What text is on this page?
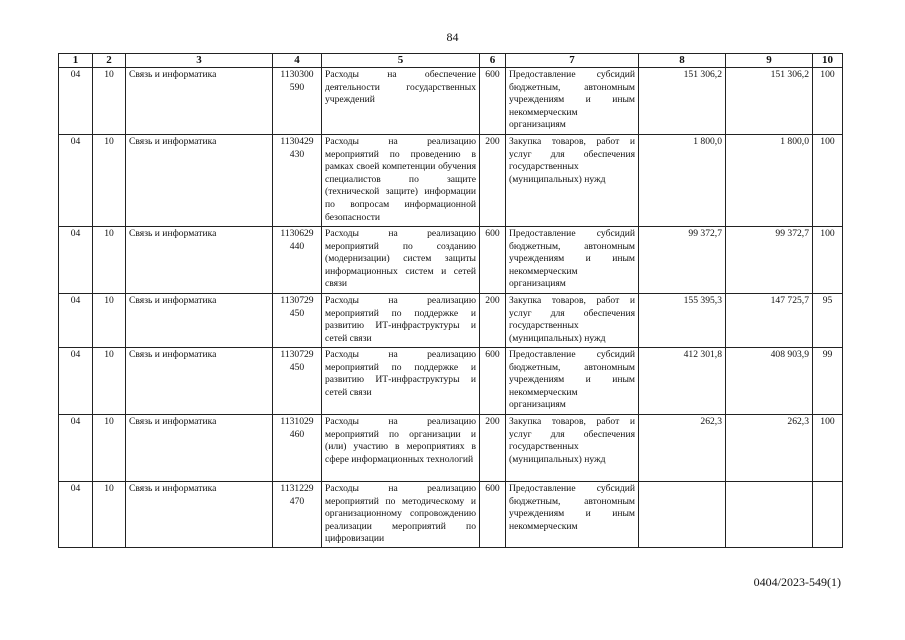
84
1	2	3	4	5	6	7	8	9	10
04	10	Связь и информатика	1130300 590	Расходы на обеспечение деятельности государственных учреждений	600	Предоставление субсидий бюджетным, автономным учреждениям и иным некоммерческим организациям	151 306,2	151 306,2	100
04	10	Связь и информатика	1130429 430	Расходы на реализацию мероприятий по проведению в рамках своей компетенции обучения специалистов по защите (технической защите) информации по вопросам информационной безопасности	200	Закупка товаров, работ и услуг для обеспечения государственных (муниципальных) нужд	1 800,0	1 800,0	100
04	10	Связь и информатика	1130629 440	Расходы на реализацию мероприятий по созданию (модернизации) систем защиты информационных систем и сетей связи	600	Предоставление субсидий бюджетным, автономным учреждениям и иным некоммерческим организациям	99 372,7	99 372,7	100
04	10	Связь и информатика	1130729 450	Расходы на реализацию мероприятий по поддержке и развитию ИТ-инфраструктуры и сетей связи	200	Закупка товаров, работ и услуг для обеспечения государственных (муниципальных) нужд	155 395,3	147 725,7	95
04	10	Связь и информатика	1130729 450	Расходы на реализацию мероприятий по поддержке и развитию ИТ-инфраструктуры и сетей связи	600	Предоставление субсидий бюджетным, автономным учреждениям и иным некоммерческим организациям	412 301,8	408 903,9	99
04	10	Связь и информатика	1131029 460	Расходы на реализацию мероприятий по организации и (или) участию в мероприятиях в сфере информационных технологий	200	Закупка товаров, работ и услуг для обеспечения государственных (муниципальных) нужд	262,3	262,3	100
04	10	Связь и информатика	1131229 470	Расходы на реализацию мероприятий по методическому и организационному сопровождению реализации мероприятий по цифровизации	600	Предоставление субсидий бюджетным, автономным учреждениям и иным некоммерческим			
0404/2023-549(1)
